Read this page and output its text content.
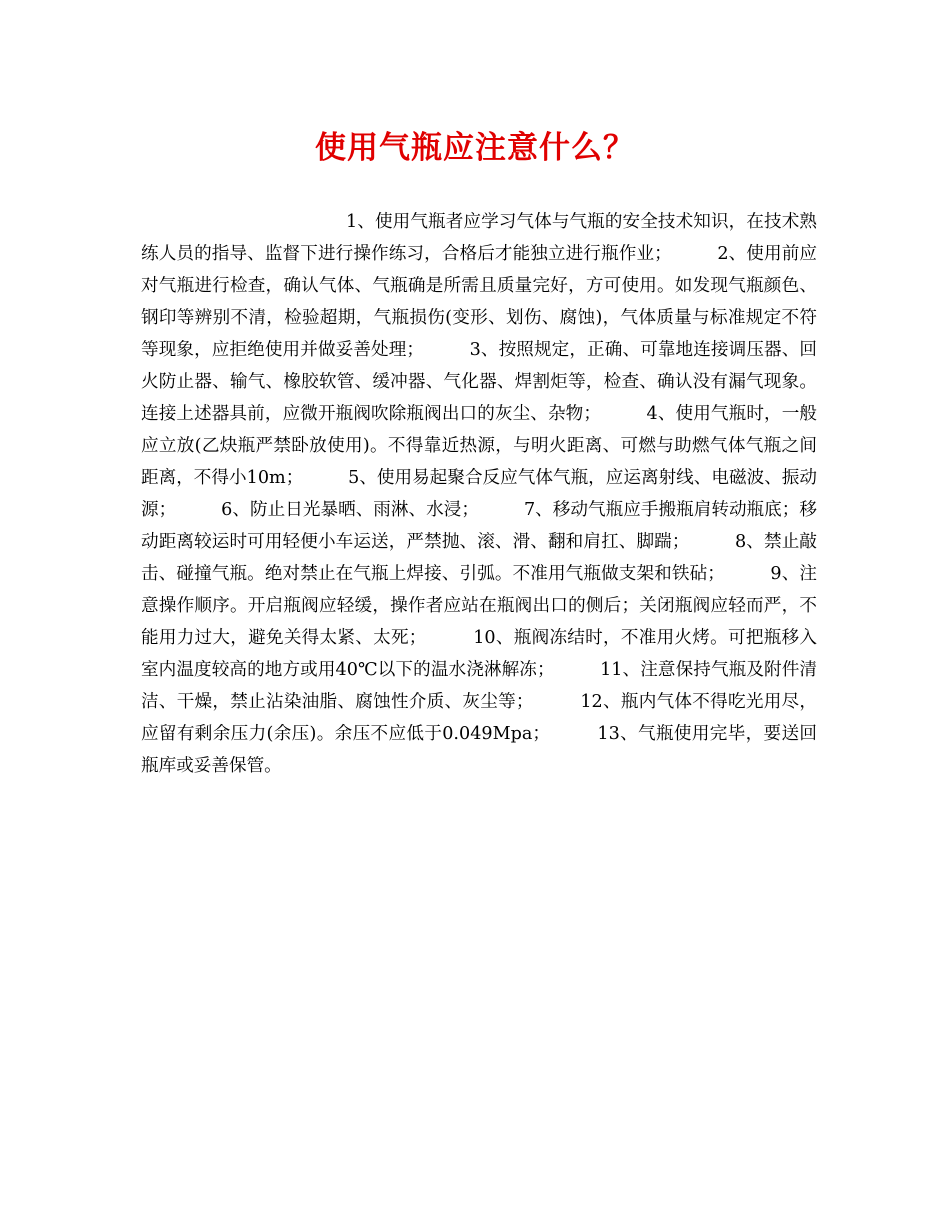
使用气瓶应注意什么？
1、使用气瓶者应学习气体与气瓶的安全技术知识，在技术熟练人员的指导、监督下进行操作练习，合格后才能独立进行瓶作业；	2、使用前应对气瓶进行检查，确认气体、气瓶确是所需且质量完好，方可使用。如发现气瓶颜色、钢印等辨别不清，检验超期，气瓶损伤(变形、划伤、腐蚀)，气体质量与标准规定不符等现象，应拒绝使用并做妥善处理；	3、按照规定，正确、可靠地连接调压器、回火防止器、输气、橡胶软管、缓冲器、气化器、焊割炬等，检查、确认没有漏气现象。连接上述器具前，应微开瓶阀吹除瓶阀出口的灰尘、杂物；	4、使用气瓶时，一般应立放(乙炔瓶严禁卧放使用)。不得靠近热源，与明火距离、可燃与助燃气体气瓶之间距离，不得小10m；	5、使用易起聚合反应气体气瓶，应运离射线、电磁波、振动源；	6、防止日光暴晒、雨淋、水浸；	7、移动气瓶应手搬瓶肩转动瓶底；移动距离较运时可用轻便小车运送，严禁抛、滚、滑、翻和肩扛、脚踹；	8、禁止敲击、碰撞气瓶。绝对禁止在气瓶上焊接、引弧。不准用气瓶做支架和铁砧；	9、注意操作顺序。开启瓶阀应轻缓，操作者应站在瓶阀出口的侧后；关闭瓶阀应轻而严，不能用力过大，避免关得太紧、太死；	10、瓶阀冻结时，不准用火烤。可把瓶移入室内温度较高的地方或用40℃以下的温水浇淋解冻；	11、注意保持气瓶及附件清洁、干燥，禁止沾染油脂、腐蚀性介质、灰尘等；	12、瓶内气体不得吃光用尽，应留有剩余压力(余压)。余压不应低于0.049Mpa；	13、气瓶使用完毕，要送回瓶库或妥善保管。
